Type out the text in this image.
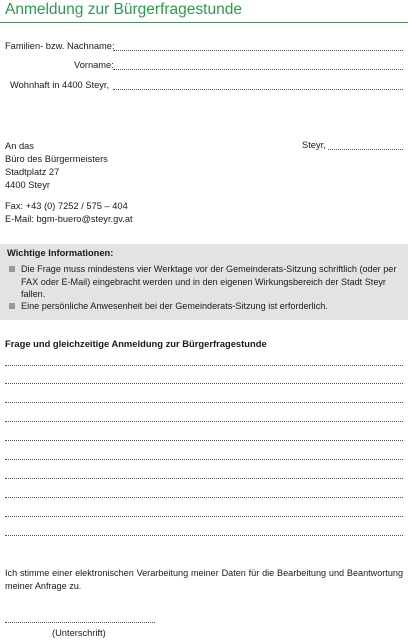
Anmeldung zur Bürgerfragestunde
Familien- bzw. Nachname:
Vorname:
Wohnhaft in 4400 Steyr,
An das
Büro des Bürgermeisters
Stadtplatz 27
4400 Steyr
Steyr,
Fax: +43 (0) 7252 / 575 – 404
E-Mail: bgm-buero@steyr.gv.at
Wichtige Informationen:
Die Frage muss mindestens vier Werktage vor der Gemeinderats-Sitzung schriftlich (oder per FAX oder E-Mail) eingebracht werden und in den eigenen Wirkungsbereich der Stadt Steyr fallen.
Eine persönliche Anwesenheit bei der Gemeinderats-Sitzung ist erforderlich.
Frage und gleichzeitige Anmeldung zur Bürgerfragestunde
Ich stimme einer elektronischen Verarbeitung meiner Daten für die Bearbeitung und Beantwortung meiner Anfrage zu.
(Unterschrift)
